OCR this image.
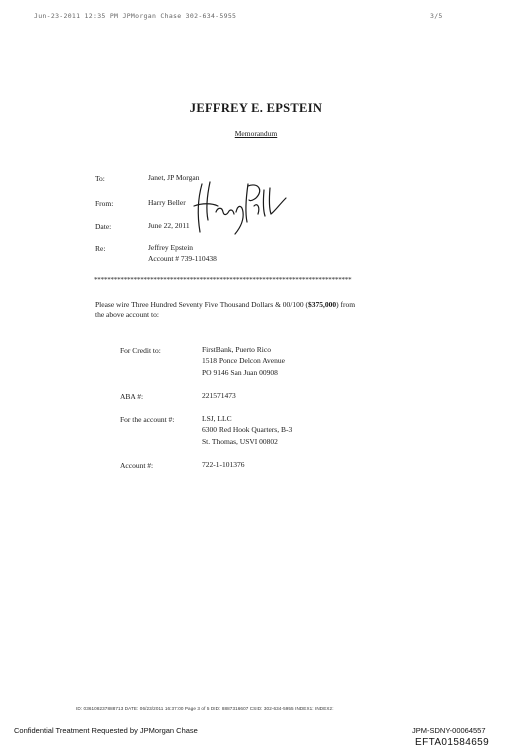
Jun-23-2011 12:35 PM JPMorgan Chase 302-634-5955	3/5
JEFFREY E. EPSTEIN
Memorandum
To:	Janet, JP Morgan
From:	Harry Beller
Date:	June 22, 2011
Re:	Jeffrey Epstein
Account # 739-110438
******************************************************************************
Please wire Three Hundred Seventy Five Thousand Dollars & 00/100 ($375,000) from
the above account to:
For Credit to:	FirstBank, Puerto Rico
1518 Ponce Delcon Avenue
PO 9146 San Juan 00908
ABA #:	221571473
For the account #:	LSJ, LLC
6300 Red Hook Quarters, B-3
St. Thomas, USVI 00802
Account #:	722-1-101376
ID: 036108237888713 DATE: 06/23/2011 16:37:00 Page 3 of 5 DID: 8887316607 CSID: 302-634-5955 INDEX1: INDEX2:
Confidential Treatment Requested by JPMorgan Chase	JPM-SDNY-00064557
EFTA01584659
